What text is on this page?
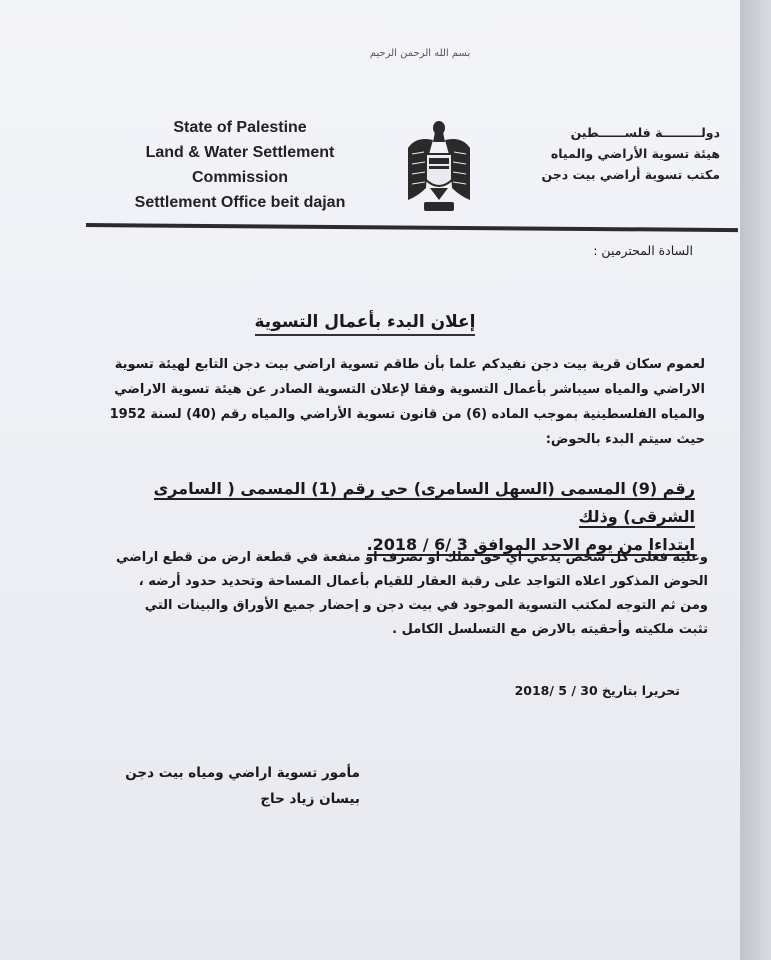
بسم الله الرحمن الرحيم
State of Palestine
Land & Water Settlement
Commission
Settlement Office beit dajan
دولـــــــــة فلســــــطين
هيئة تسوية الأراضي والمياه
مكتب تسوية أراضي بيت دجن
السادة المحترمين :
إعلان البدء بأعمال التسوية
لعموم سكان قرية بيت دجن نفيدكم علما بأن طاقم تسوية اراضي بيت دجن التابع لهيئة تسوية
الاراضي والمياه سيباشر بأعمال التسوية وفقا لإعلان التسوية الصادر عن هيئة تسوية الاراضي
والمياه الفلسطينية بموجب الماده (6) من قانون تسوية الأراضي والمياه رقم (40) لسنة 1952
حيث سيتم البدء بالحوض:
رقم (9) المسمى (السهل السامرى) حي رقم (1) المسمى ( السامرى الشرقى) وذلك
ابتداءا من يوم الاحد الموافق 3 /6 / 2018.
وعليه فعلى كل شخص يدعي اي حق تملك او تصرف او منفعة في قطعة ارض من قطع اراضي
الحوض المذكور اعلاه التواجد على رقبة العقار للقيام بأعمال المساحة وتحديد حدود أرضه ،
ومن ثم التوجه لمكتب التسوية الموجود في بيت دجن و إحضار جميع الأوراق والبينات التي
تثبت ملكيته وأحقيته بالارض مع التسلسل الكامل .
تحريرا بتاريخ 30 / 5 /2018
مأمور تسوية اراضي ومياه بيت دجن
بيسان زياد حاج
